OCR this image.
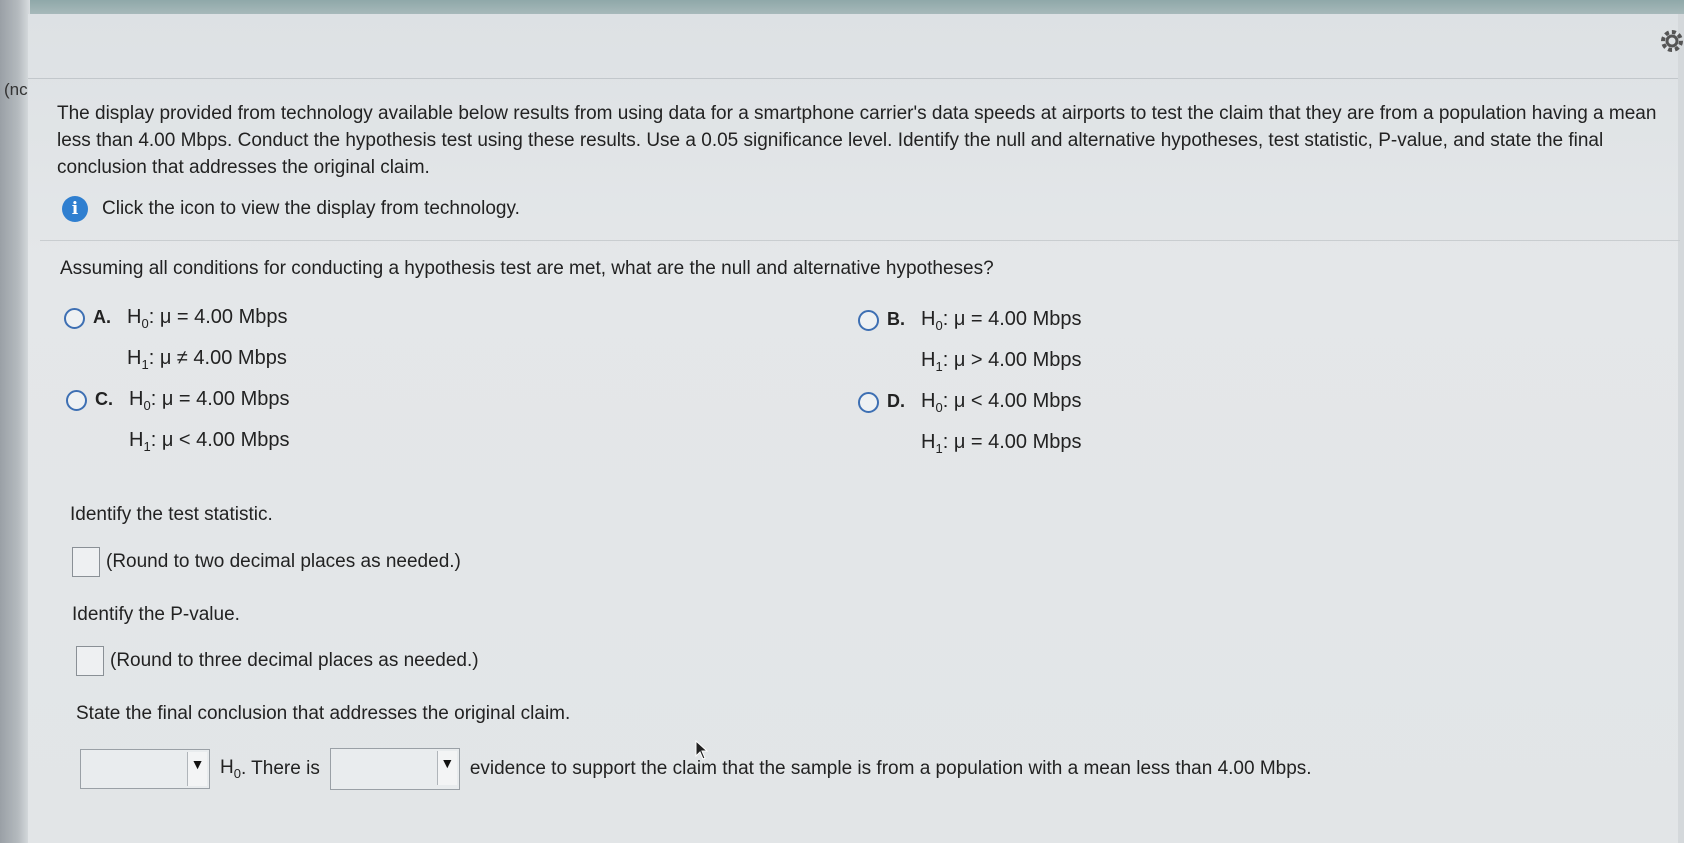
(nc
The display provided from technology available below results from using data for a smartphone carrier's data speeds at airports to test the claim that they are from a population having a mean less than 4.00 Mbps. Conduct the hypothesis test using these results. Use a 0.05 significance level. Identify the null and alternative hypotheses, test statistic, P-value, and state the final conclusion that addresses the original claim.
i	Click the icon to view the display from technology.
Assuming all conditions for conducting a hypothesis test are met, what are the null and alternative hypotheses?
A. $H_0$: μ = 4.00 Mbps
$H_1$: μ ≠ 4.00 Mbps
B. $H_0$: μ = 4.00 Mbps
$H_1$: μ > 4.00 Mbps
C. $H_0$: μ = 4.00 Mbps
$H_1$: μ < 4.00 Mbps
D. $H_0$: μ < 4.00 Mbps
$H_1$: μ = 4.00 Mbps
Identify the test statistic.
(Round to two decimal places as needed.)
Identify the P-value.
(Round to three decimal places as needed.)
State the final conclusion that addresses the original claim.
▼ $H_0$ . There is	▼ evidence to support the claim that the sample is from a population with a mean less than 4.00 Mbps.
